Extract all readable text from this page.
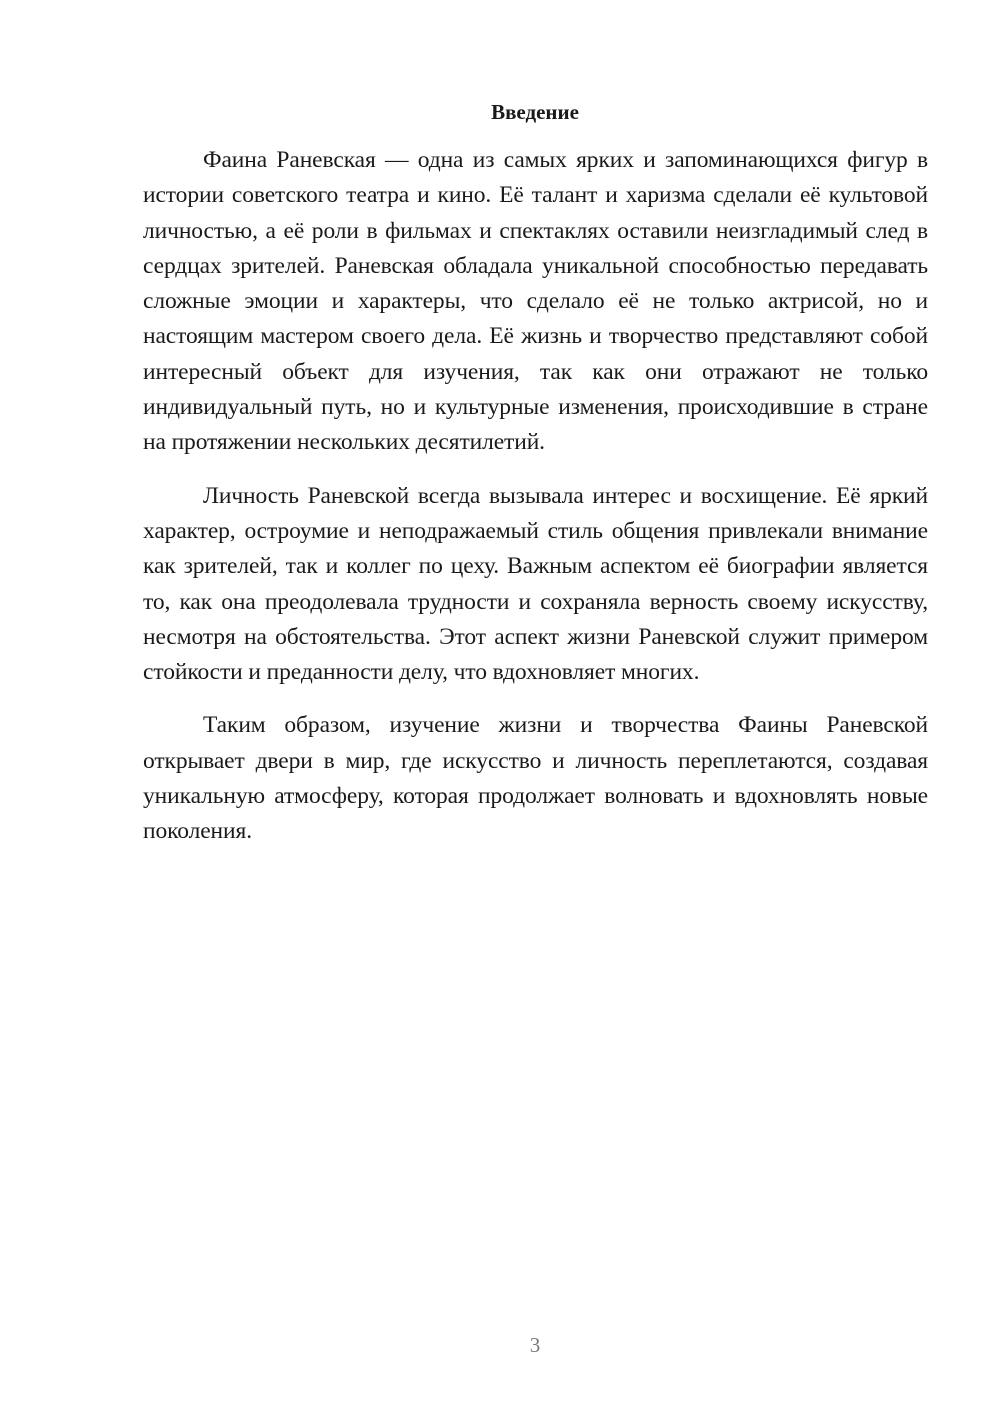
Введение

Фаина Раневская — одна из самых ярких и запоминающихся фигур в истории советского театра и кино. Её талант и харизма сделали её культовой личностью, а её роли в фильмах и спектаклях оставили неизгладимый след в сердцах зрителей. Раневская обладала уникальной способностью передавать сложные эмоции и характеры, что сделало её не только актрисой, но и настоящим мастером своего дела. Её жизнь и творчество представляют собой интересный объект для изучения, так как они отражают не только индивидуальный путь, но и культурные изменения, происходившие в стране на протяжении нескольких десятилетий.

Личность Раневской всегда вызывала интерес и восхищение. Её яркий характер, остроумие и неподражаемый стиль общения привлекали внимание как зрителей, так и коллег по цеху. Важным аспектом её биографии является то, как она преодолевала трудности и сохраняла верность своему искусству, несмотря на обстоятельства. Этот аспект жизни Раневской служит примером стойкости и преданности делу, что вдохновляет многих.

Таким образом, изучение жизни и творчества Фаины Раневской открывает двери в мир, где искусство и личность переплетаются, создавая уникальную атмосферу, которая продолжает волновать и вдохновлять новые поколения.

3
